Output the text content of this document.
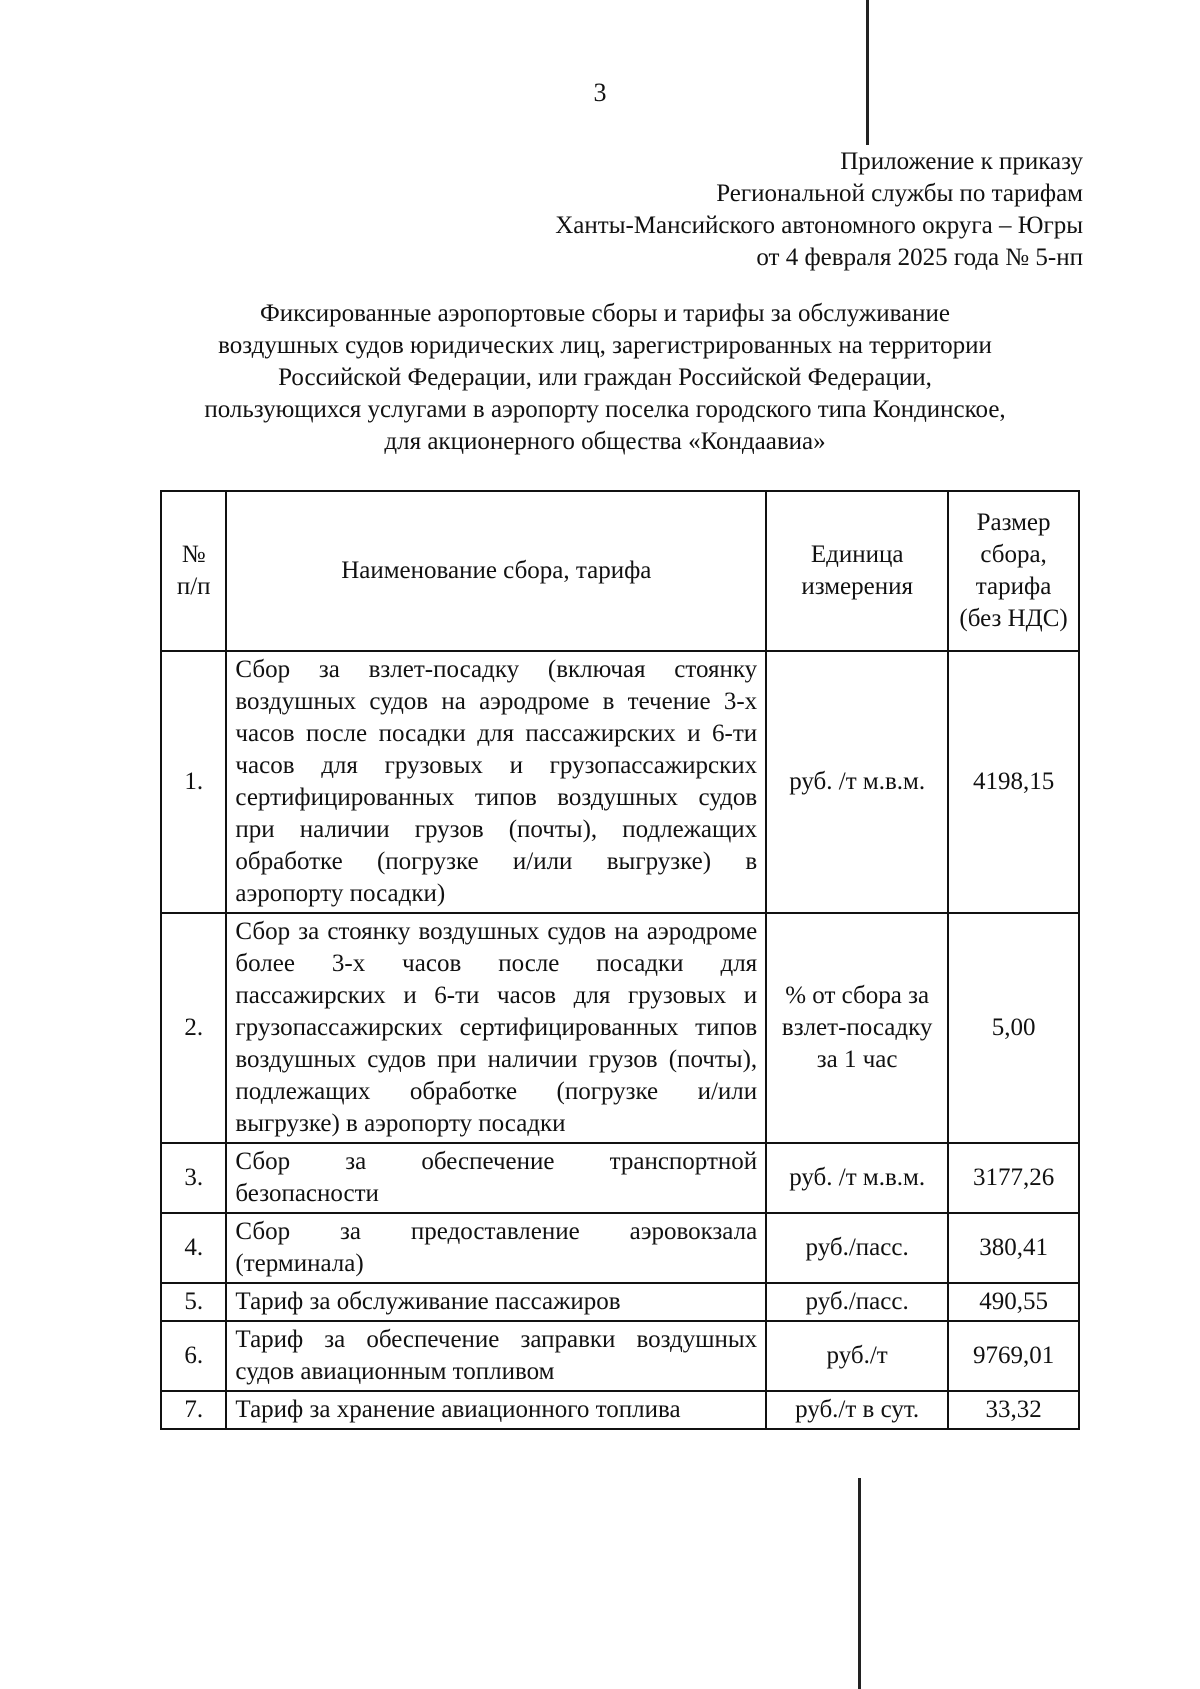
3
Приложение к приказу
Региональной службы по тарифам
Ханты-Мансийского автономного округа – Югры
от 4 февраля 2025 года № 5-нп
Фиксированные аэропортовые сборы и тарифы за обслуживание
воздушных судов юридических лиц, зарегистрированных на территории
Российской Федерации, или граждан Российской Федерации,
пользующихся услугами в аэропорту поселка городского типа Кондинское,
для акционерного общества «Кондаавиа»
№ п/п	Наименование сбора, тарифа	Единица измерения	Размер сбора, тарифа (без НДС)
1.	Сбор за взлет-посадку (включая стоянку воздушных судов на аэродроме в течение 3-х часов после посадки для пассажирских и 6-ти часов для грузовых и грузопассажирских сертифицированных типов воздушных судов при наличии грузов (почты), подлежащих обработке (погрузке и/или выгрузке) в аэропорту посадки)	руб. /т м.в.м.	4198,15
2.	Сбор за стоянку воздушных судов на аэродроме более 3-х часов после посадки для пассажирских и 6-ти часов для грузовых и грузопассажирских сертифицированных типов воздушных судов при наличии грузов (почты), подлежащих обработке (погрузке и/или выгрузке) в аэропорту посадки	% от сбора за взлет-посадку за 1 час	5,00
3.	Сбор за обеспечение транспортной безопасности	руб. /т м.в.м.	3177,26
4.	Сбор за предоставление аэровокзала (терминала)	руб./пасс.	380,41
5.	Тариф за обслуживание пассажиров	руб./пасс.	490,55
6.	Тариф за обеспечение заправки воздушных судов авиационным топливом	руб./т	9769,01
7.	Тариф за хранение авиационного топлива	руб./т в сут.	33,32
